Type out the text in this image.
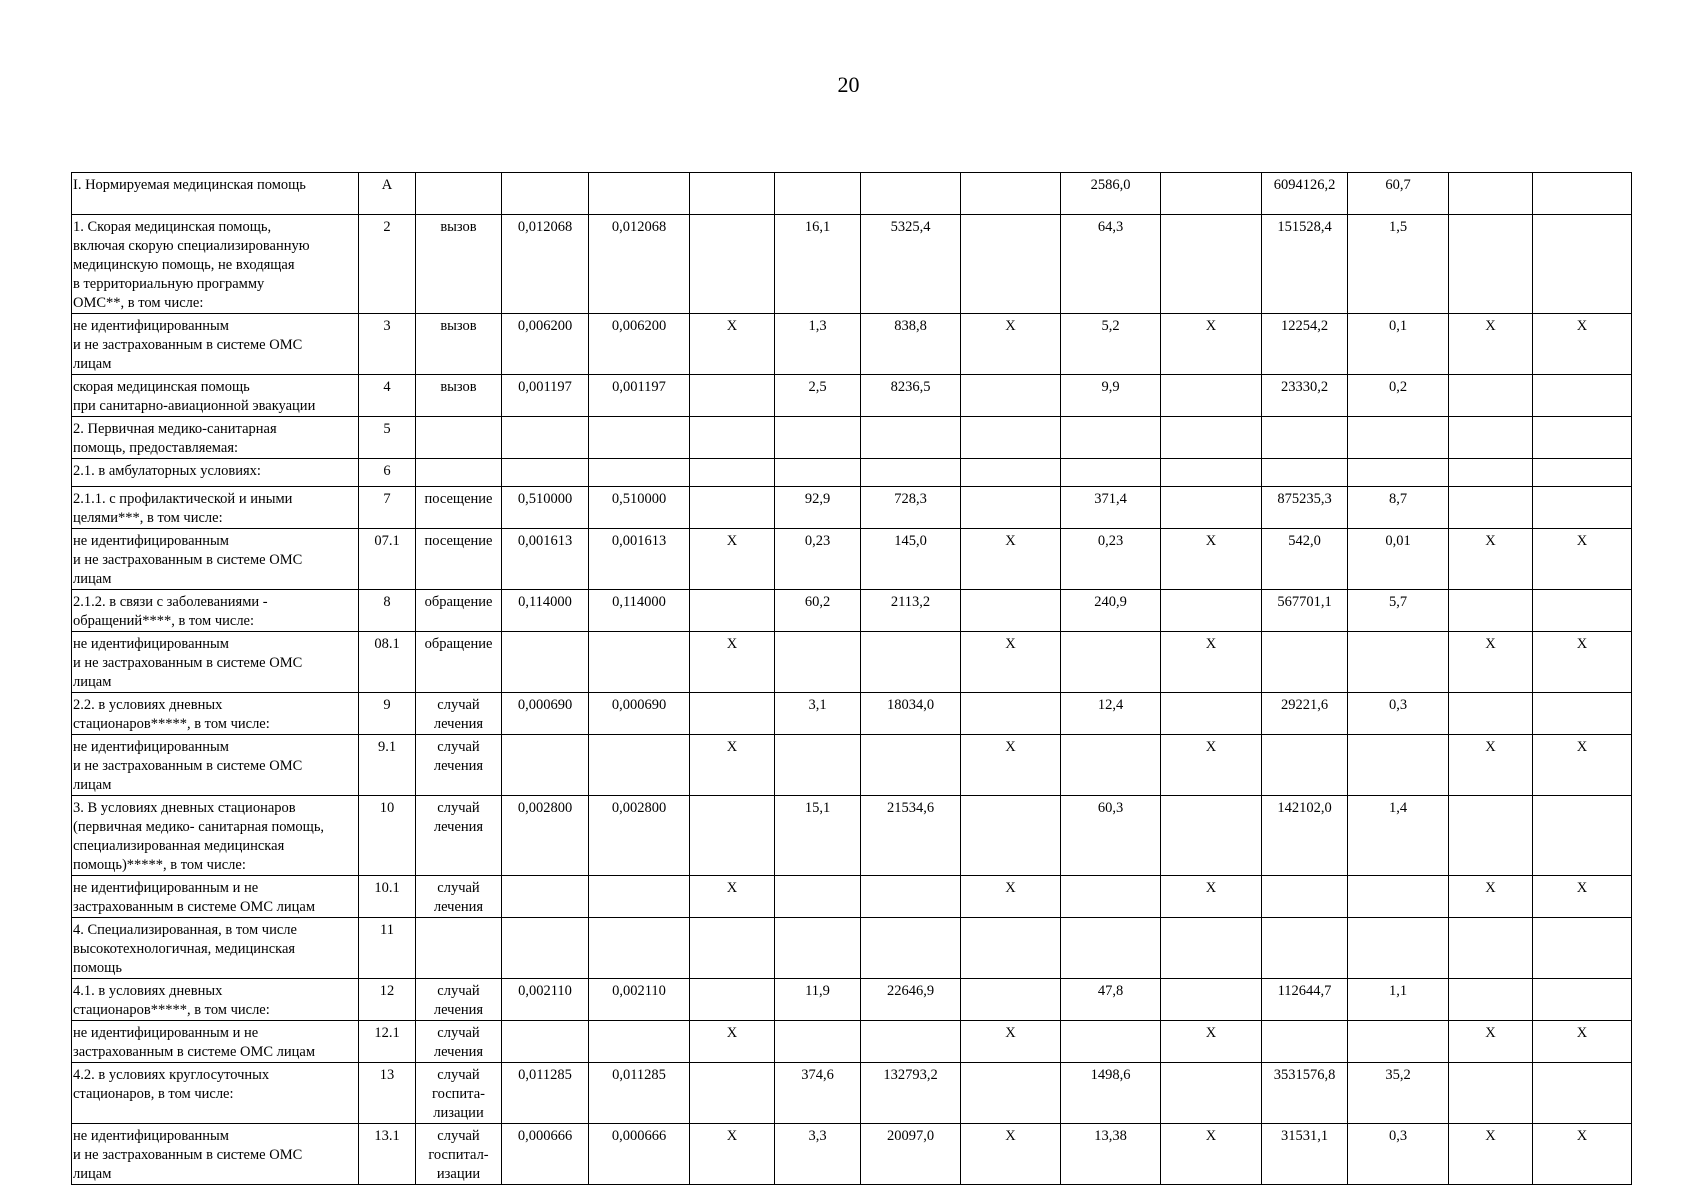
20
I. Нормируемая медицинская помощь	А								2586,0		6094126,2	60,7		
1. Скорая медицинская помощь,
включая скорую специализированную
медицинскую помощь, не входящая
в территориальную программу
ОМС**, в том числе:	2	вызов	0,012068	0,012068		16,1	5325,4		64,3		151528,4	1,5		
не идентифицированным
и не застрахованным в системе ОМС
лицам	3	вызов	0,006200	0,006200	Х	1,3	838,8	Х	5,2	Х	12254,2	0,1	Х	Х
скорая медицинская помощь
при санитарно-авиационной эвакуации	4	вызов	0,001197	0,001197		2,5	8236,5		9,9		23330,2	0,2		
2. Первичная медико-санитарная
помощь, предоставляемая:	5													
2.1. в амбулаторных условиях:	6													
2.1.1. с профилактической и иными
целями***, в том числе:	7	посещение	0,510000	0,510000		92,9	728,3		371,4		875235,3	8,7		
не идентифицированным
и не застрахованным в системе ОМС
лицам	07.1	посещение	0,001613	0,001613	Х	0,23	145,0	Х	0,23	Х	542,0	0,01	Х	Х
2.1.2. в связи с заболеваниями -
обращений****, в том числе:	8	обращение	0,114000	0,114000		60,2	2113,2		240,9		567701,1	5,7		
не идентифицированным
и не застрахованным в системе ОМС
лицам	08.1	обращение			Х			Х		Х			Х	Х
2.2. в условиях дневных
стационаров*****, в том числе:	9	случай
лечения	0,000690	0,000690		3,1	18034,0		12,4		29221,6	0,3		
не идентифицированным
и не застрахованным в системе ОМС
лицам	9.1	случай
лечения			Х			Х		Х			Х	Х
3. В условиях дневных стационаров
(первичная медико- санитарная помощь,
специализированная медицинская
помощь)*****, в том числе:	10	случай
лечения	0,002800	0,002800		15,1	21534,6		60,3		142102,0	1,4		
не идентифицированным и не
застрахованным в системе ОМС лицам	10.1	случай
лечения			Х			Х		Х			Х	Х
4. Специализированная, в том числе
высокотехнологичная, медицинская
помощь	11													
4.1. в условиях дневных
стационаров*****, в том числе:	12	случай
лечения	0,002110	0,002110		11,9	22646,9		47,8		112644,7	1,1		
не идентифицированным и не
застрахованным в системе ОМС лицам	12.1	случай
лечения			Х			Х		Х			Х	Х
4.2. в условиях круглосуточных
стационаров, в том числе:	13	случай
госпита-
лизации	0,011285	0,011285		374,6	132793,2		1498,6		3531576,8	35,2		
не идентифицированным
и не застрахованным в системе ОМС
лицам	13.1	случай
госпитал-
изации	0,000666	0,000666	Х	3,3	20097,0	Х	13,38	Х	31531,1	0,3	Х	Х
